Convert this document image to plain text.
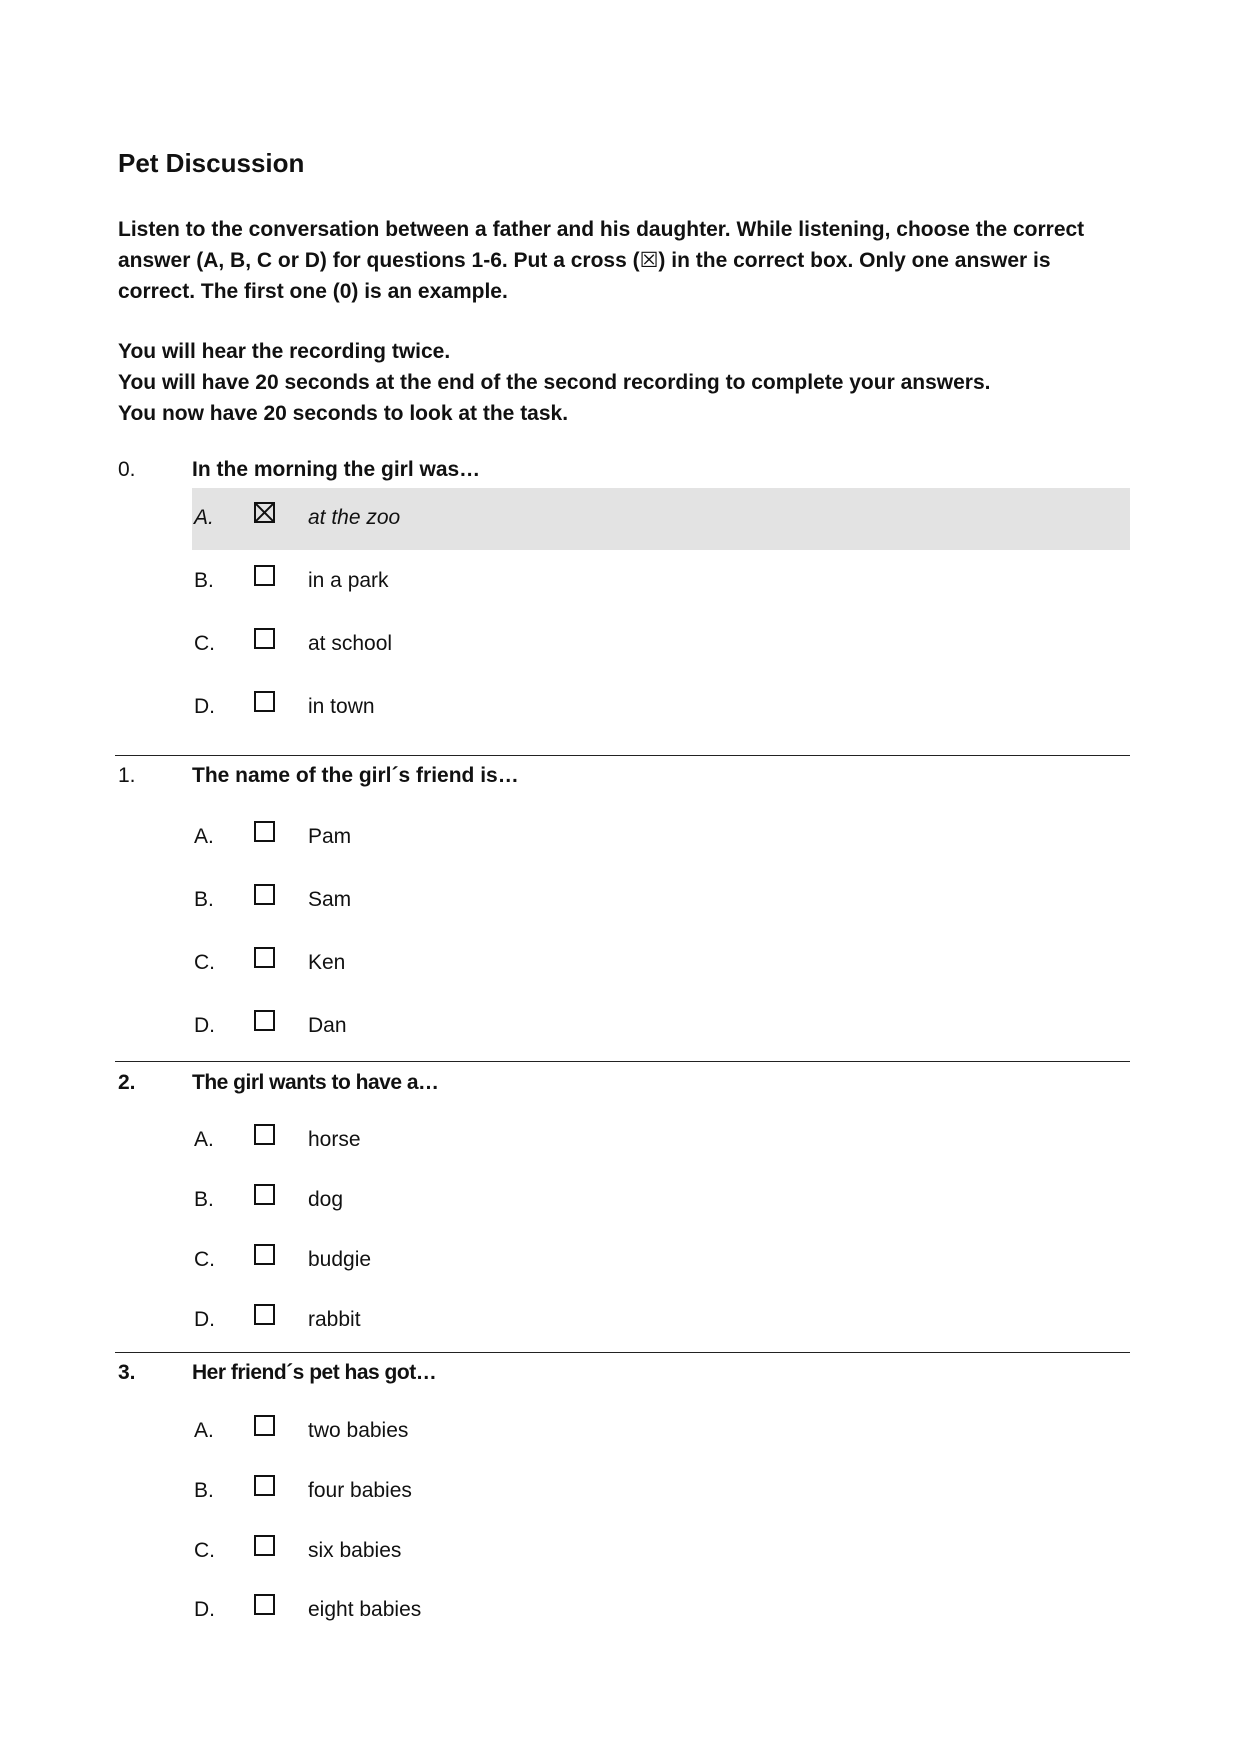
Pet Discussion

Listen to the conversation between a father and his daughter. While listening, choose the correct answer (A, B, C or D) for questions 1-6. Put a cross (☒) in the correct box. Only one answer is correct. The first one (0) is an example.

You will hear the recording twice.
You will have 20 seconds at the end of the second recording to complete your answers.
You now have 20 seconds to look at the task.
0.	In the morning the girl was…
A.	at the zoo
B.	in a park
C.	at school
D.	in town
1.	The name of the girl´s friend is…
A.	Pam
B.	Sam
C.	Ken
D.	Dan
2.	The girl wants to have a…
A.	horse
B.	dog
C.	budgie
D.	rabbit
3.	Her friend´s pet has got…
A.	two babies
B.	four babies
C.	six babies
D.	eight babies
